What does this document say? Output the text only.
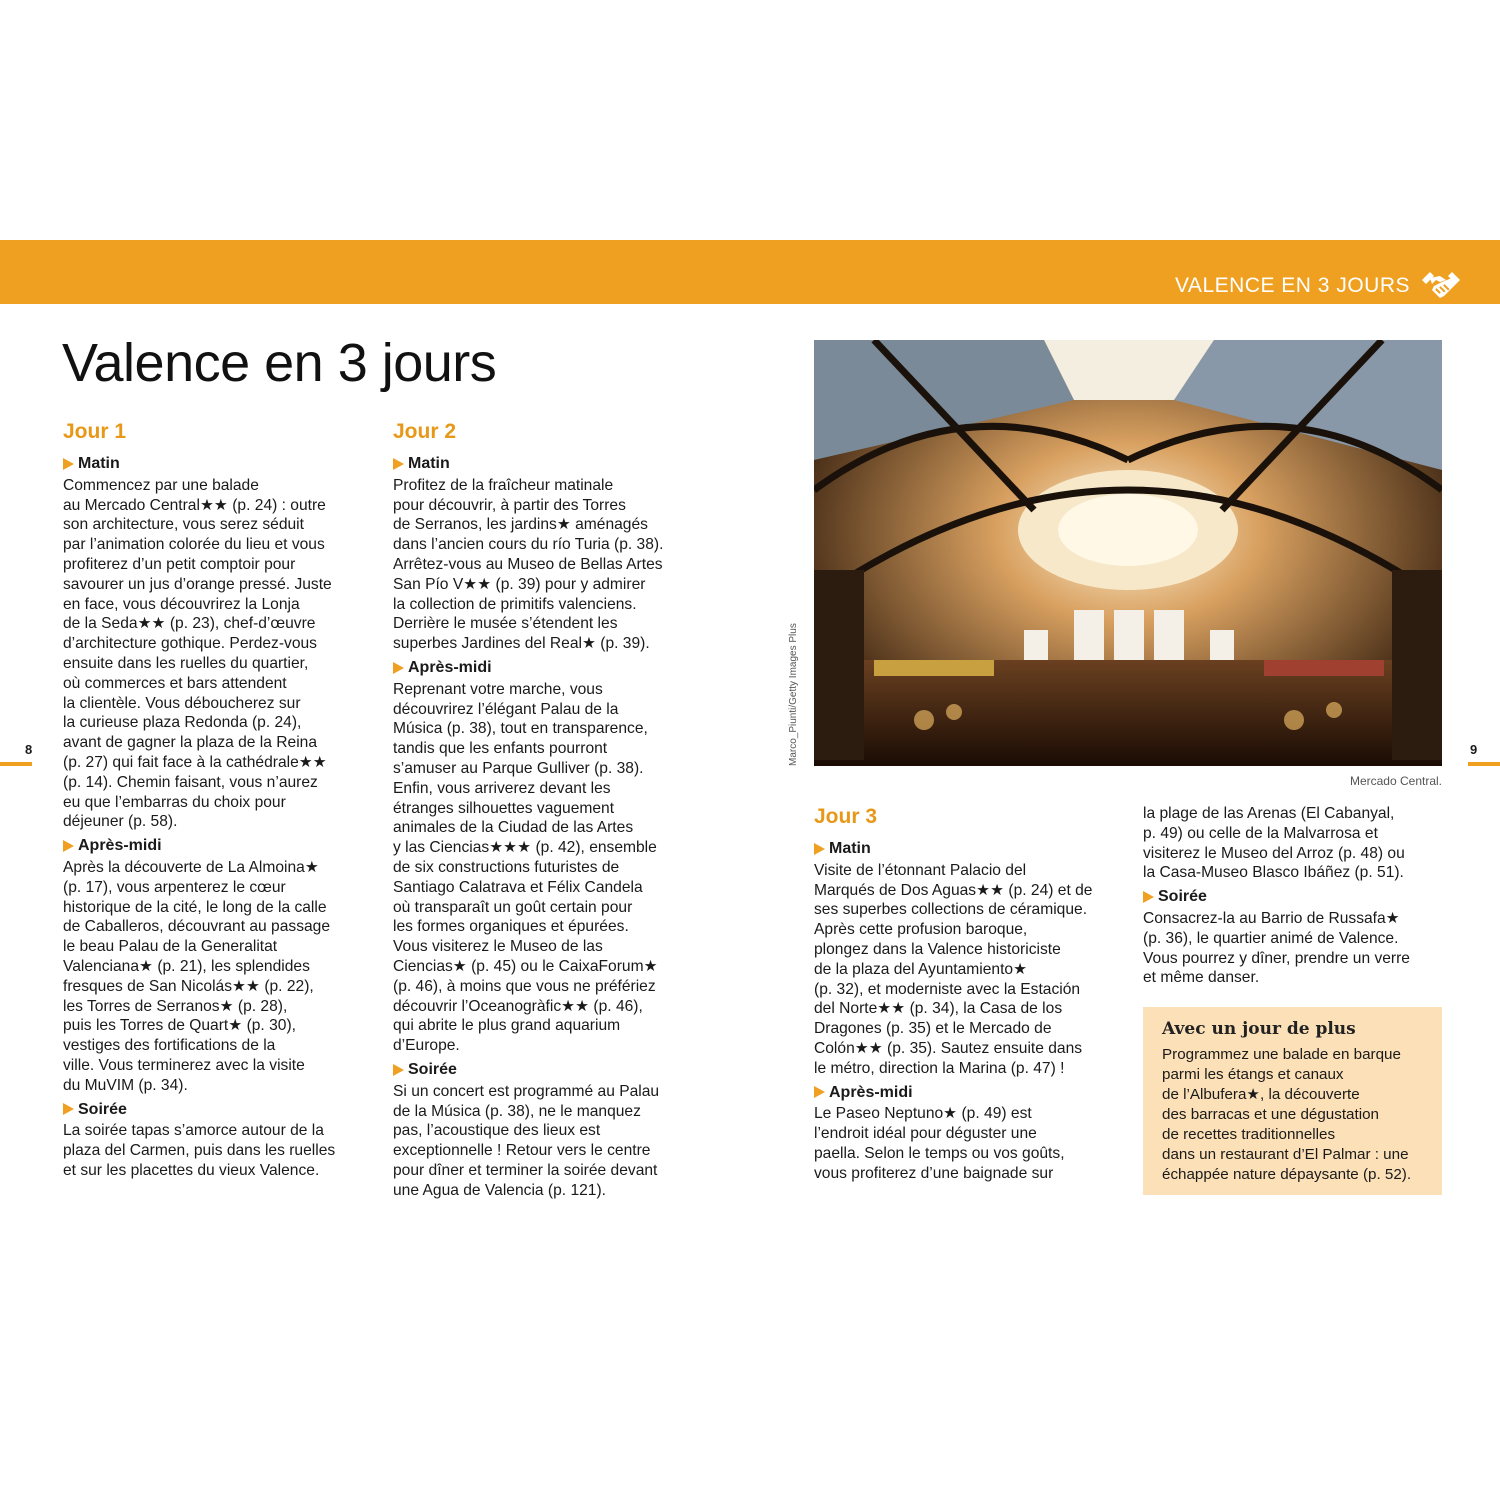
VALENCE EN 3 JOURS
Valence en 3 jours
8	9
Jour 1
Matin

Commencez par une balade

au Mercado Central★★ (p. 24) : outre

son architecture, vous serez séduit

par l’animation colorée du lieu et vous

profiterez d’un petit comptoir pour

savourer un jus d’orange pressé. Juste

en face, vous découvrirez la Lonja

de la Seda★★ (p. 23), chef-d’œuvre

d’architecture gothique. Perdez-vous

ensuite dans les ruelles du quartier,

où commerces et bars attendent

la clientèle. Vous déboucherez sur

la curieuse plaza Redonda (p. 24),

avant de gagner la plaza de la Reina

(p. 27) qui fait face à la cathédrale★★

(p. 14). Chemin faisant, vous n’aurez

eu que l’embarras du choix pour

déjeuner (p. 58).

Après-midi

Après la découverte de La Almoina★

(p. 17), vous arpenterez le cœur

historique de la cité, le long de la calle

de Caballeros, découvrant au passage

le beau Palau de la Generalitat

Valenciana★ (p. 21), les splendides

fresques de San Nicolás★★ (p. 22),

les Torres de Serranos★ (p. 28),

puis les Torres de Quart★ (p. 30),

vestiges des fortifications de la

ville. Vous terminerez avec la visite

du MuVIM (p. 34).

Soirée

La soirée tapas s’amorce autour de la

plaza del Carmen, puis dans les ruelles

et sur les placettes du vieux Valence.

Jour 2
Matin

Profitez de la fraîcheur matinale

pour découvrir, à partir des Torres

de Serranos, les jardins★ aménagés

dans l’ancien cours du río Turia (p. 38).

Arrêtez-vous au Museo de Bellas Artes

San Pío V★★ (p. 39) pour y admirer

la collection de primitifs valenciens.

Derrière le musée s’étendent les

superbes Jardines del Real★ (p. 39).

Après-midi

Reprenant votre marche, vous

découvrirez l’élégant Palau de la

Música (p. 38), tout en transparence,

tandis que les enfants pourront

s’amuser au Parque Gulliver (p. 38).

Enfin, vous arriverez devant les

étranges silhouettes vaguement

animales de la Ciudad de las Artes

y las Ciencias★★★ (p. 42), ensemble

de six constructions futuristes de

Santiago Calatrava et Félix Candela

où transparaît un goût certain pour

les formes organiques et épurées.

Vous visiterez le Museo de las

Ciencias★ (p. 45) ou le CaixaForum★

(p. 46), à moins que vous ne préfériez

découvrir l’Oceanogràfic★★ (p. 46),

qui abrite le plus grand aquarium

d’Europe.

Soirée

Si un concert est programmé au Palau

de la Música (p. 38), ne le manquez

pas, l’acoustique des lieux est

exceptionnelle ! Retour vers le centre

pour dîner et terminer la soirée devant

une Agua de Valencia (p. 121).

Marco_Piunti/Getty Images Plus
Mercado Central.
Jour 3
Matin

Visite de l’étonnant Palacio del

Marqués de Dos Aguas★★ (p. 24) et de

ses superbes collections de céramique.

Après cette profusion baroque,

plongez dans la Valence historiciste

de la plaza del Ayuntamiento★

(p. 32), et moderniste avec la Estación

del Norte★★ (p. 34), la Casa de los

Dragones (p. 35) et le Mercado de

Colón★★ (p. 35). Sautez ensuite dans

le métro, direction la Marina (p. 47) !

Après-midi

Le Paseo Neptuno★ (p. 49) est

l’endroit idéal pour déguster une

paella. Selon le temps ou vos goûts,

vous profiterez d’une baignade sur

la plage de las Arenas (El Cabanyal,

p. 49) ou celle de la Malvarrosa et

visiterez le Museo del Arroz (p. 48) ou

la Casa-Museo Blasco Ibáñez (p. 51).

Soirée

Consacrez-la au Barrio de Russafa★

(p. 36), le quartier animé de Valence.

Vous pourrez y dîner, prendre un verre

et même danser.

Avec un jour de plus

Programmez une balade en barque

parmi les étangs et canaux

de l’Albufera★, la découverte

des barracas et une dégustation

de recettes traditionnelles

dans un restaurant d’El Palmar : une

échappée nature dépaysante (p. 52).
